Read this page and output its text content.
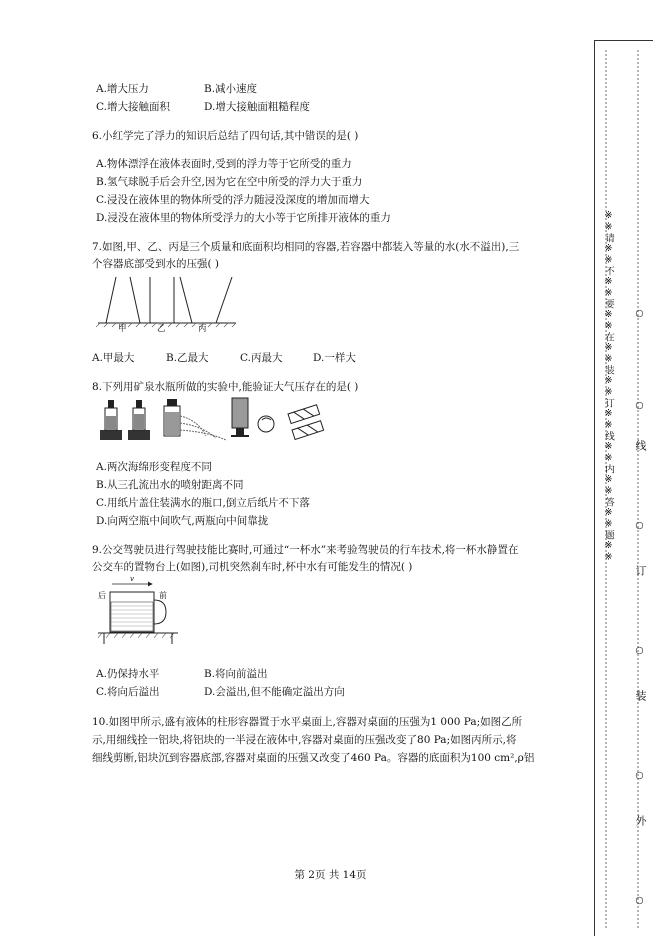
A.增大压力	B.减小速度
C.增大接触面积	D.增大接触面粗糙程度
6.小红学完了浮力的知识后总结了四句话,其中错误的是( )
A.物体漂浮在液体表面时,受到的浮力等于它所受的重力
B.氢气球脱手后会升空,因为它在空中所受的浮力大于重力
C.浸没在液体里的物体所受的浮力随浸没深度的增加而增大
D.浸没在液体里的物体所受浮力的大小等于它所排开液体的重力
7.如图,甲、乙、丙是三个质量和底面积均相同的容器,若容器中都装入等量的水(水不溢出),三
个容器底部受到水的压强( )
甲	乙	丙
A.甲最大	B.乙最大	C.丙最大	D.一样大
8.下列用矿泉水瓶所做的实验中,能验证大气压存在的是( )
A.两次海绵形变程度不同
B.从三孔流出水的喷射距离不同
C.用纸片盖住装满水的瓶口,倒立后纸片不下落
D.向两空瓶中间吹气,两瓶向中间靠拢
9.公交驾驶员进行驾驶技能比赛时,可通过“一杯水”来考验驾驶员的行车技术,将一杯水静置在
公交车的置物台上(如图),司机突然刹车时,杯中水有可能发生的情况( )
后	前
v
A.仍保持水平	B.将向前溢出
C.将向后溢出	D.会溢出,但不能确定溢出方向
10.如图甲所示,盛有液体的柱形容器置于水平桌面上,容器对桌面的压强为1 000 Pa;如图乙所
示,用细线拴一铝块,将铝块的一半浸在液体中,容器对桌面的压强改变了80 Pa;如图丙所示,将
细线剪断,铝块沉到容器底部,容器对桌面的压强又改变了460 Pa。容器的底面积为100 cm²,ρ铝
第 2页 共 14页
※※请※※不※※要※※在※※装※※订※※线※※内※※答※※题※※ 线
订
装
外
○
○
○
○
○
○
